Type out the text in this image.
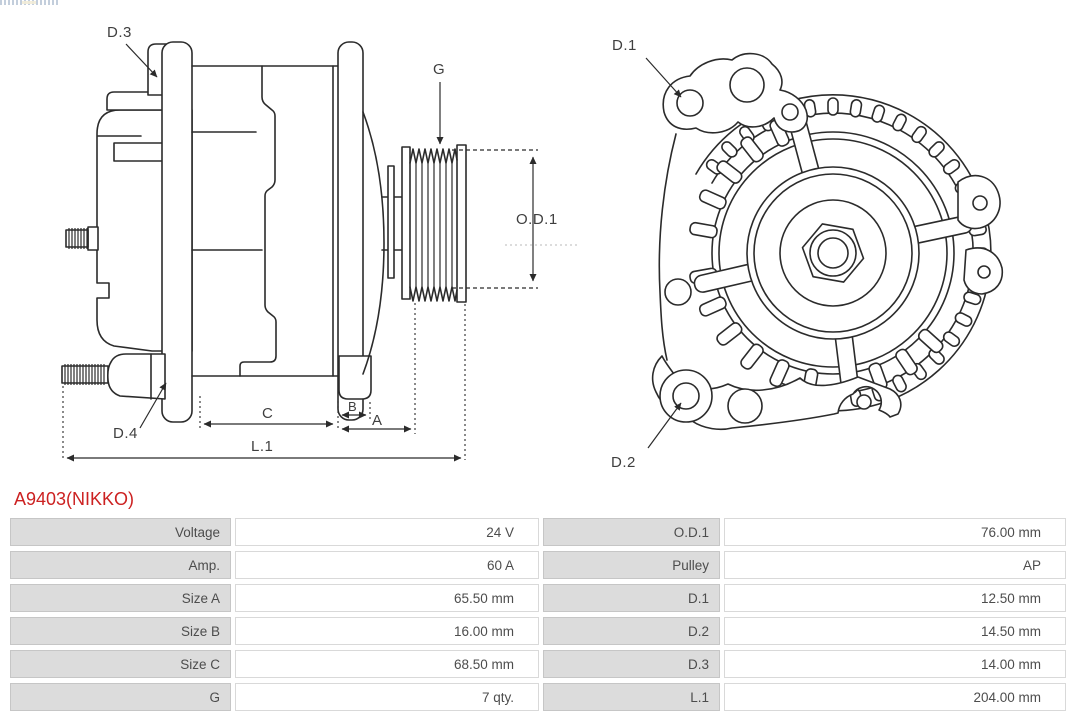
D.3
D.4
G
O.D.1
C	B
A
L.1
D.1
D.2
A9403(NIKKO)
Voltage	24 V	O.D.1	76.00 mm
Amp.	60 A	Pulley	AP
Size A	65.50 mm	D.1	12.50 mm
Size B	16.00 mm	D.2	14.50 mm
Size C	68.50 mm	D.3	14.00 mm
G	7 qty.	L.1	204.00 mm
